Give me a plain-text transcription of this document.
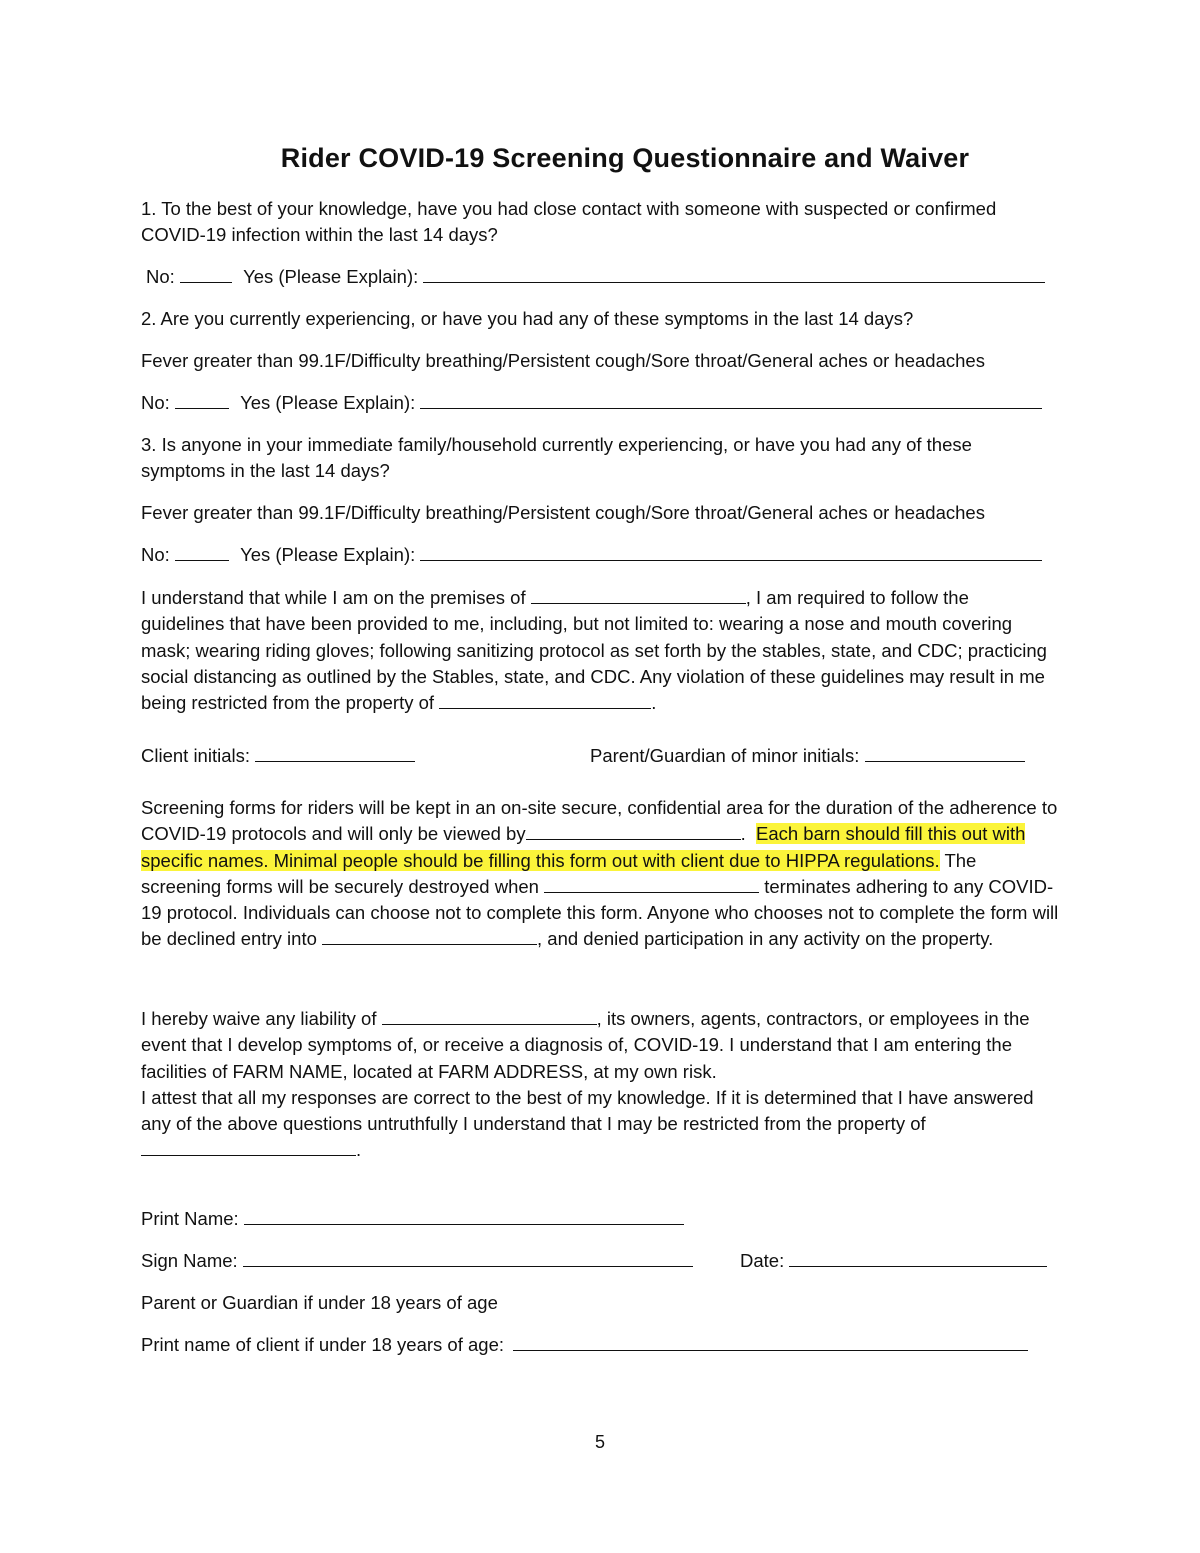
Rider COVID-19 Screening Questionnaire and Waiver
1. To the best of your knowledge, have you had close contact with someone with suspected or confirmed COVID-19 infection within the last 14 days?
No:	Yes (Please Explain):
2. Are you currently experiencing, or have you had any of these symptoms in the last 14 days?
Fever greater than 99.1F/Difficulty breathing/Persistent cough/Sore throat/General aches or headaches
No:	Yes (Please Explain):
3. Is anyone in your immediate family/household currently experiencing, or have you had any of these symptoms in the last 14 days?
Fever greater than 99.1F/Difficulty breathing/Persistent cough/Sore throat/General aches or headaches
No:	Yes (Please Explain):
I understand that while I am on the premises of	, I am required to follow the guidelines that have been provided to me, including, but not limited to: wearing a nose and mouth covering mask; wearing riding gloves; following sanitizing protocol as set forth by the stables, state, and CDC; practicing social distancing as outlined by the Stables, state, and CDC. Any violation of these guidelines may result in me being restricted from the property of	.
Client initials:	Parent/Guardian of minor initials:
Screening forms for riders will be kept in an on-site secure, confidential area for the duration of the adherence to COVID-19 protocols and will only be viewed by	. Each barn should fill this out with specific names. Minimal people should be filling this form out with client due to HIPPA regulations. The screening forms will be securely destroyed when	terminates adhering to any COVID-19 protocol. Individuals can choose not to complete this form. Anyone who chooses not to complete the form will be declined entry into	, and denied participation in any activity on the property.
I hereby waive any liability of	, its owners, agents, contractors, or employees in the event that I develop symptoms of, or receive a diagnosis of, COVID-19. I understand that I am entering the facilities of FARM NAME, located at FARM ADDRESS, at my own risk.
I attest that all my responses are correct to the best of my knowledge. If it is determined that I have answered any of the above questions untruthfully I understand that I may be restricted from the property of .
Print Name:
Sign Name:	Date:
Parent or Guardian if under 18 years of age
Print name of client if under 18 years of age:
5
